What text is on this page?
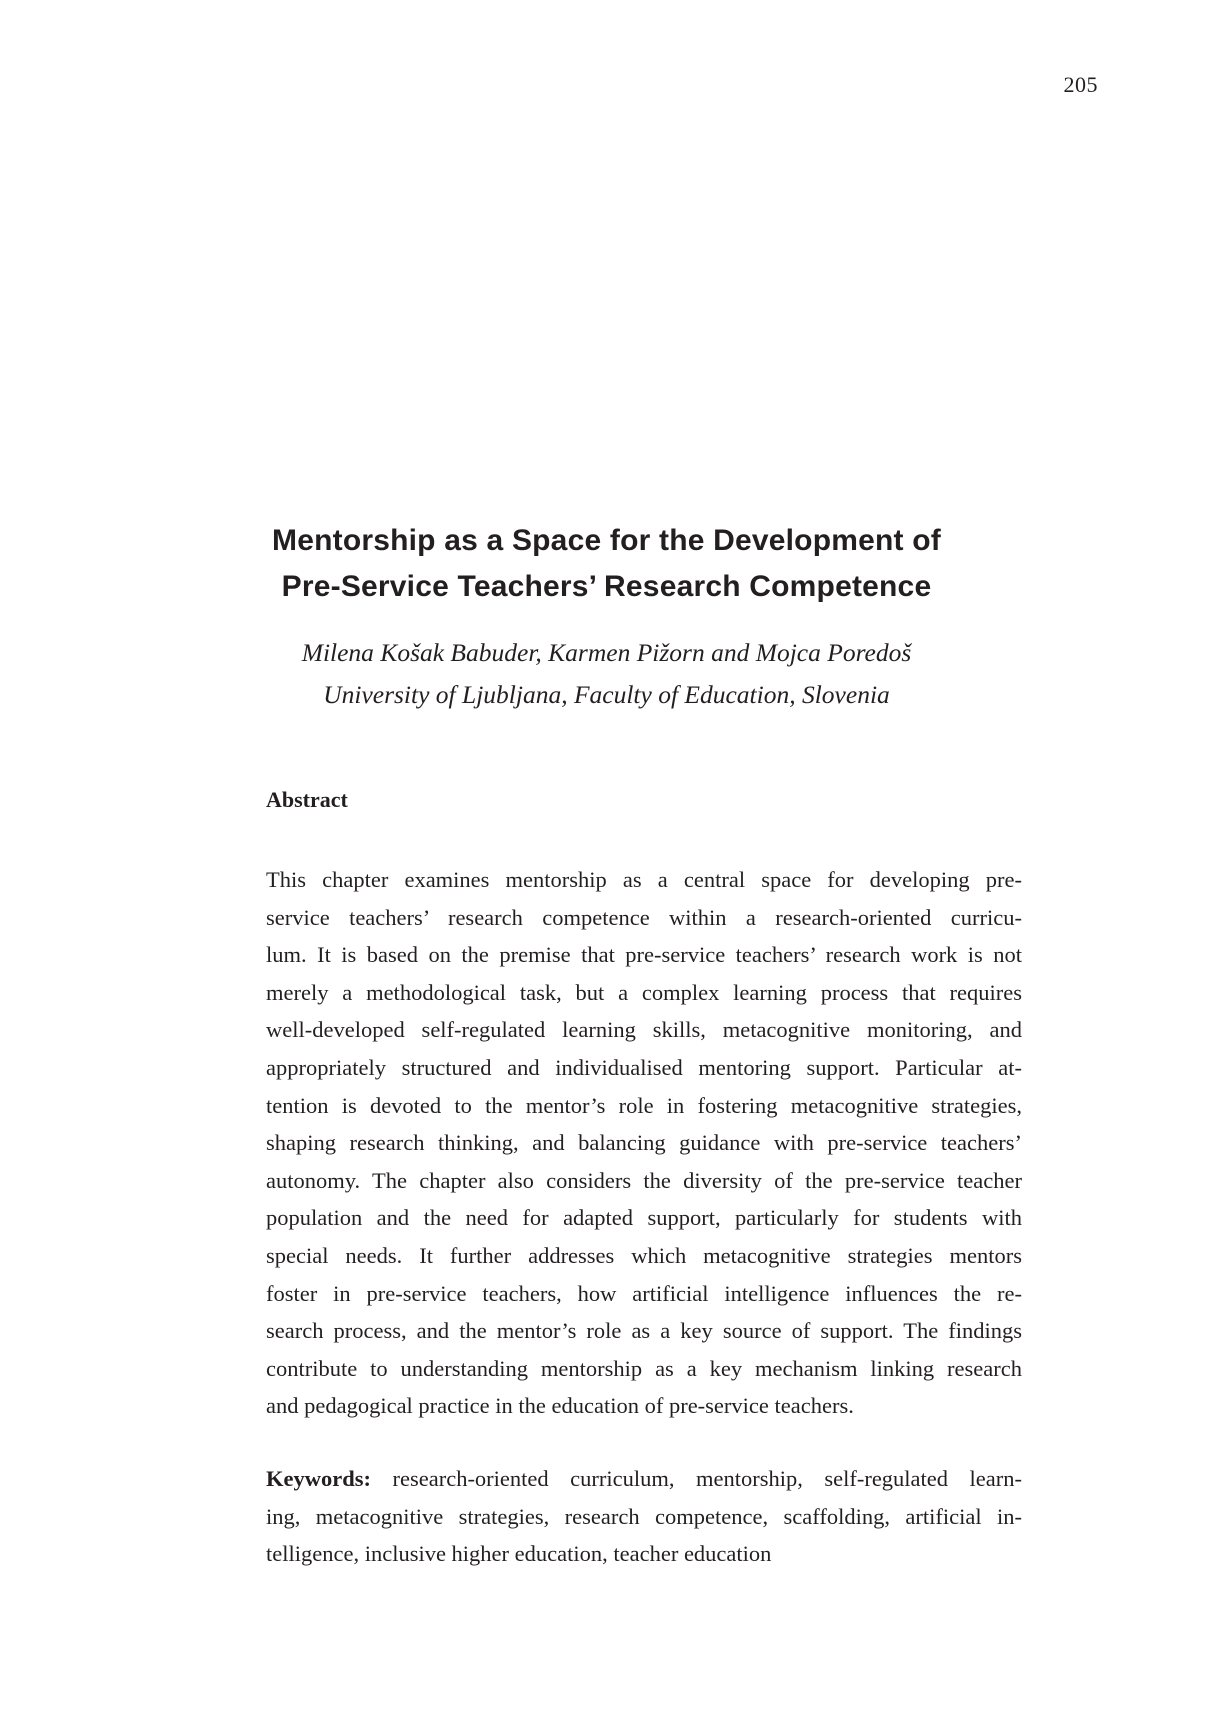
205
Mentorship as a Space for the Development of
Pre-Service Teachers’ Research Competence
Milena Košak Babuder, Karmen Pižorn and Mojca Poredoš
University of Ljubljana, Faculty of Education, Slovenia
Abstract
This chapter examines mentorship as a central space for developing pre-
service teachers’ research competence within a research-oriented curricu-
lum. It is based on the premise that pre-service teachers’ research work is not
merely a methodological task, but a complex learning process that requires
well-developed self-regulated learning skills, metacognitive monitoring, and
appropriately structured and individualised mentoring support. Particular at-
tention is devoted to the mentor’s role in fostering metacognitive strategies,
shaping research thinking, and balancing guidance with pre-service teachers’
autonomy. The chapter also considers the diversity of the pre-service teacher
population and the need for adapted support, particularly for students with
special needs. It further addresses which metacognitive strategies mentors
foster in pre-service teachers, how artificial intelligence influences the re-
search process, and the mentor’s role as a key source of support. The findings
contribute to understanding mentorship as a key mechanism linking research
and pedagogical practice in the education of pre-service teachers.
Keywords: research-oriented curriculum, mentorship, self-regulated learn-
ing, metacognitive strategies, research competence, scaffolding, artificial in-
telligence, inclusive higher education, teacher education
